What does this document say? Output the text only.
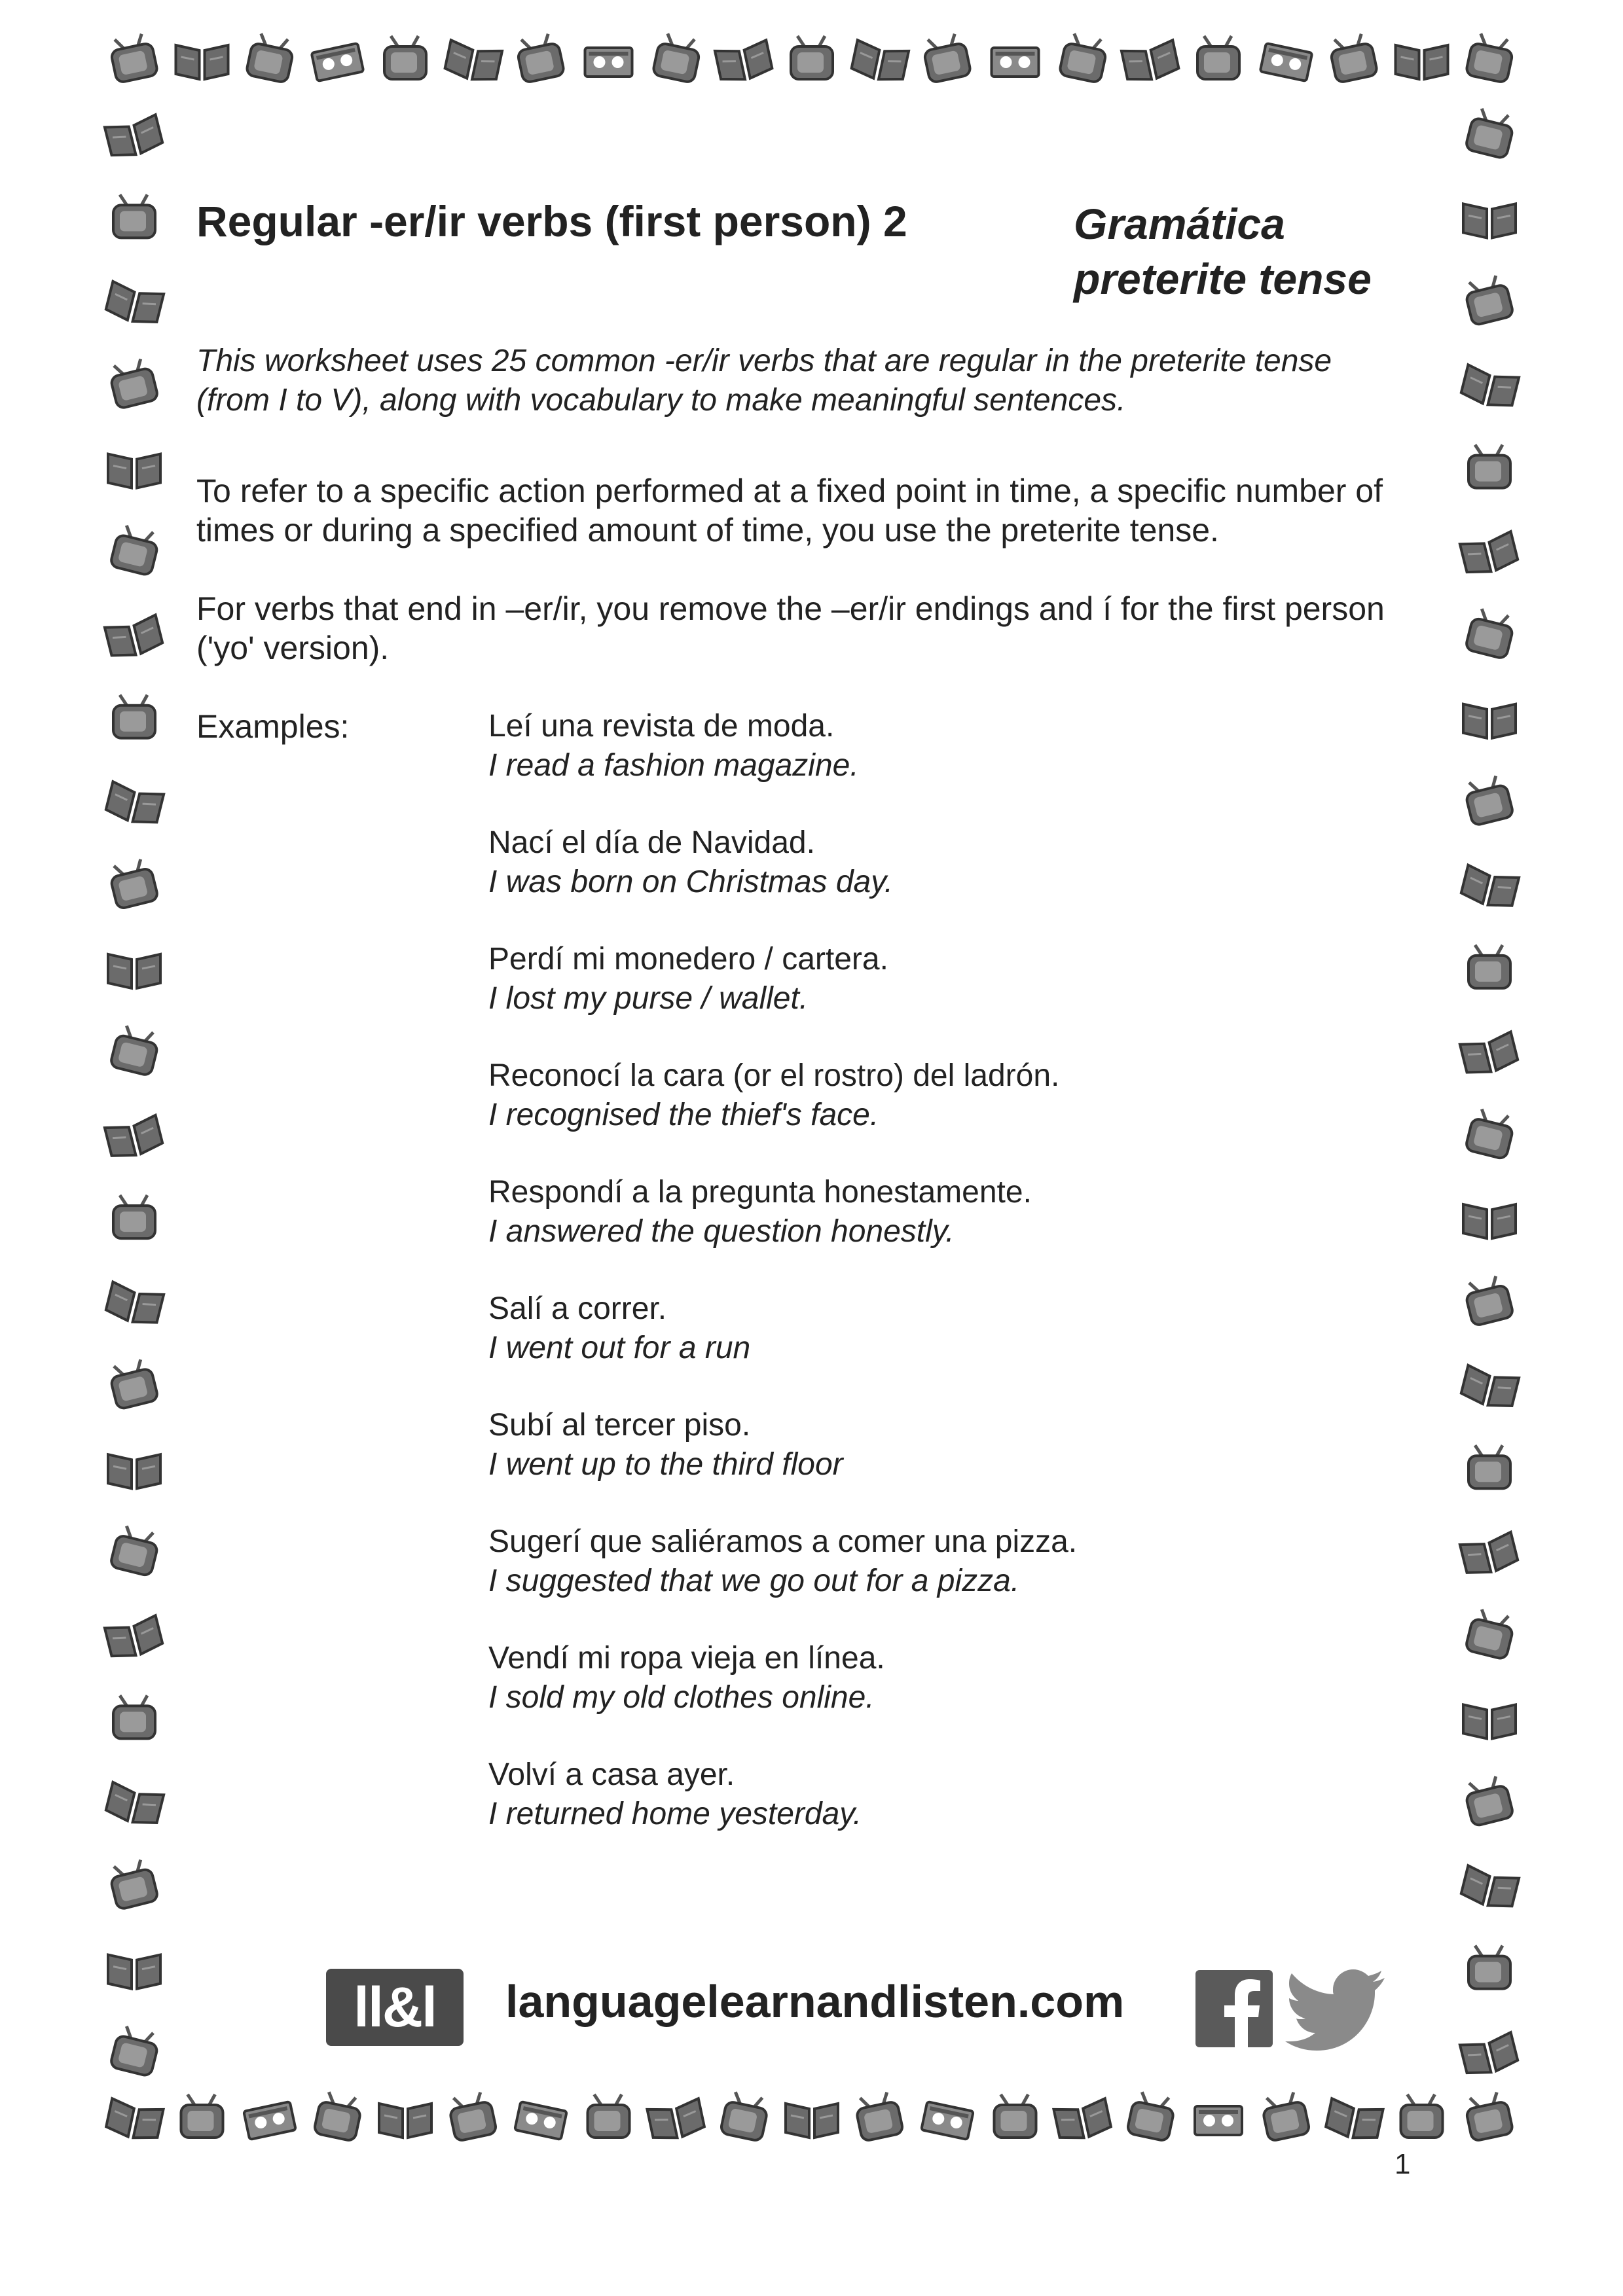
Regular -er/ir verbs (first person) 2	Gramática
preterite tense
This worksheet uses 25 common -er/ir verbs that are regular in the preterite tense (from I to V), along with vocabulary to make meaningful sentences.
To refer to a specific action performed at a fixed point in time, a specific number of times or during a specified amount of time, you use the preterite tense.
For verbs that end in –er/ir, you remove the –er/ir endings and í for the first person ('yo' version).
Examples:	Leí una revista de moda.
I read a fashion magazine.
Nací el día de Navidad.
I was born on Christmas day.
Perdí mi monedero / cartera.
I lost my purse / wallet.
Reconocí la cara (or el rostro) del ladrón.
I recognised the thief's face.
Respondí a la pregunta honestamente.
I answered the question honestly.
Salí a correr.
I went out for a run
Subí al tercer piso.
I went up to the third floor
Sugerí que saliéramos a comer una pizza.
I suggested that we go out for a pizza.
Vendí mi ropa vieja en línea.
I sold my old clothes online.
Volví a casa ayer.
I returned home yesterday.
ll&l	languagelearnandlisten.com
1
